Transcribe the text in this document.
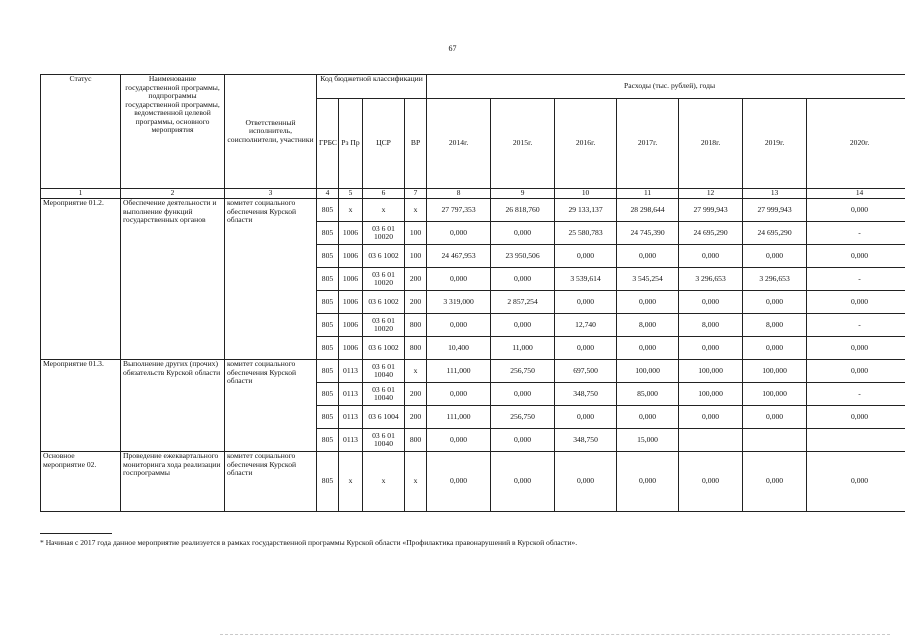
67
Статус	Наименование государственной программы, подпрограммы государственной программы, ведомственной целевой программы, основного мероприятия	Ответственный исполнитель, соисполнители, участники	Код бюджетной классификации				Расходы (тыс. рублей), годы						
			ГРБС	Рз Пр	ЦСР	ВР	2014г.	2015г.	2016г.	2017г.	2018г.	2019г.	2020г.
1	2	3	4	5	6	7	8	9	10	11	12	13	14
Мероприятие 01.2.	Обеспечение деятельности и выполнение функций государственных органов	комитет социального обеспечения Курской области	805	х	х	х	27 797,353	26 818,760	29 133,137	28 298,644	27 999,943	27 999,943	0,000
			805	1006	03 6 01 10020	100	0,000	0,000	25 580,783	24 745,390	24 695,290	24 695,290	-
			805	1006	03 6 1002	100	24 467,953	23 950,506	0,000	0,000	0,000	0,000	0,000
			805	1006	03 6 01 10020	200	0,000	0,000	3 539,614	3 545,254	3 296,653	3 296,653	-
			805	1006	03 6 1002	200	3 319,000	2 857,254	0,000	0,000	0,000	0,000	0,000
			805	1006	03 6 01 10020	800	0,000	0,000	12,740	8,000	8,000	8,000	-
			805	1006	03 6 1002	800	10,400	11,000	0,000	0,000	0,000	0,000	0,000
Мероприятие 01.3.	Выполнение других (прочих) обязательств Курской области	комитет социального обеспечения Курской области	805	0113	03 6 01 10040	х	111,000	256,750	697,500	100,000	100,000	100,000	0,000
			805	0113	03 6 01 10040	200	0,000	0,000	348,750	85,000	100,000	100,000	-
			805	0113	03 6 1004	200	111,000	256,750	0,000	0,000	0,000	0,000	0,000
			805	0113	03 6 01 10040	800	0,000	0,000	348,750	15,000			
Основное мероприятие 02.	Проведение ежеквартального мониторинга хода реализации госпрограммы	комитет социального обеспечения Курской области	805	х	х	х	0,000	0,000	0,000	0,000	0,000	0,000	0,000
* Начиная с 2017 года данное мероприятие реализуется в рамках государственной программы Курской области «Профилактика правонарушений в Курской области».
